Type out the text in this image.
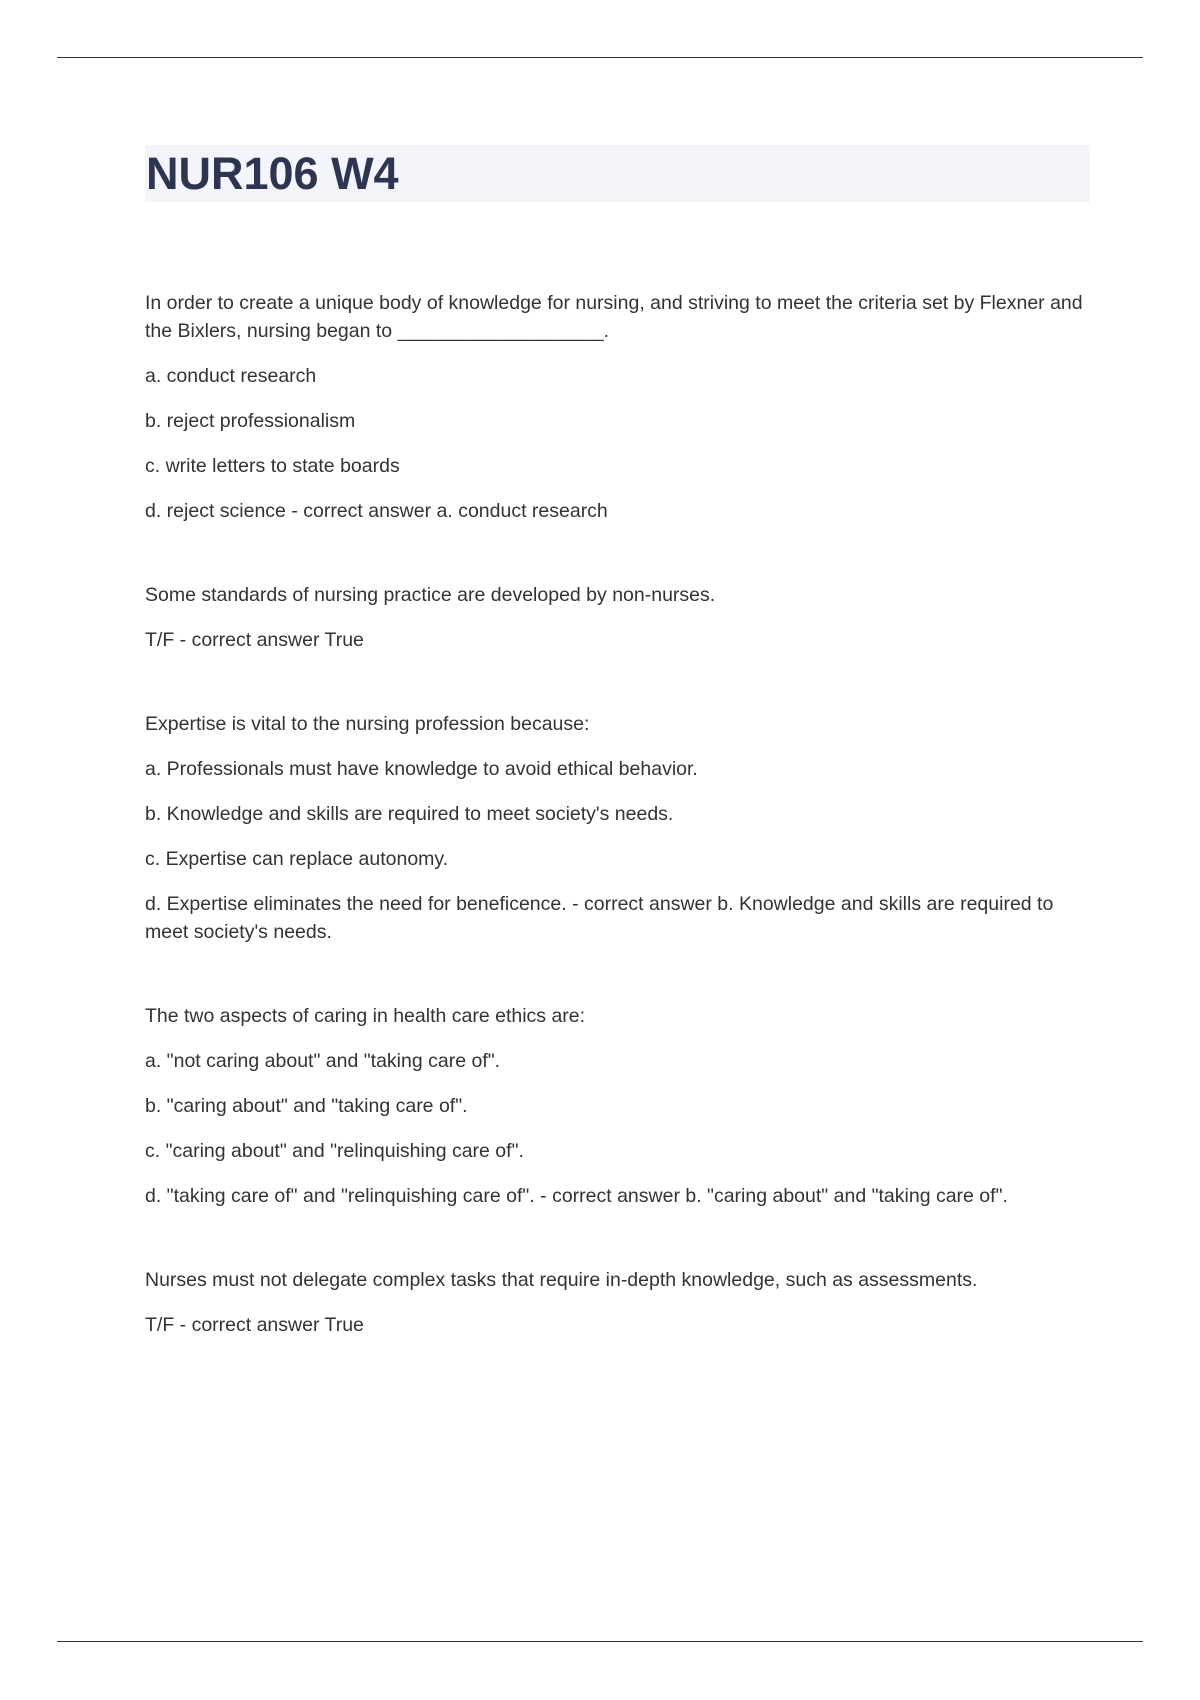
NUR106 W4

In order to create a unique body of knowledge for nursing, and striving to meet the criteria set by Flexner and the Bixlers, nursing began to ___________________.

a. conduct research

b. reject professionalism

c. write letters to state boards

d. reject science - correct answer a. conduct research

Some standards of nursing practice are developed by non-nurses.

T/F - correct answer True

Expertise is vital to the nursing profession because:

a. Professionals must have knowledge to avoid ethical behavior.

b. Knowledge and skills are required to meet society's needs.

c. Expertise can replace autonomy.

d. Expertise eliminates the need for beneficence. - correct answer b. Knowledge and skills are required to meet society's needs.

The two aspects of caring in health care ethics are:

a. "not caring about" and "taking care of".

b. "caring about" and "taking care of".

c. "caring about" and "relinquishing care of".

d. "taking care of" and "relinquishing care of". - correct answer b. "caring about" and "taking care of".

Nurses must not delegate complex tasks that require in-depth knowledge, such as assessments.

T/F - correct answer True
